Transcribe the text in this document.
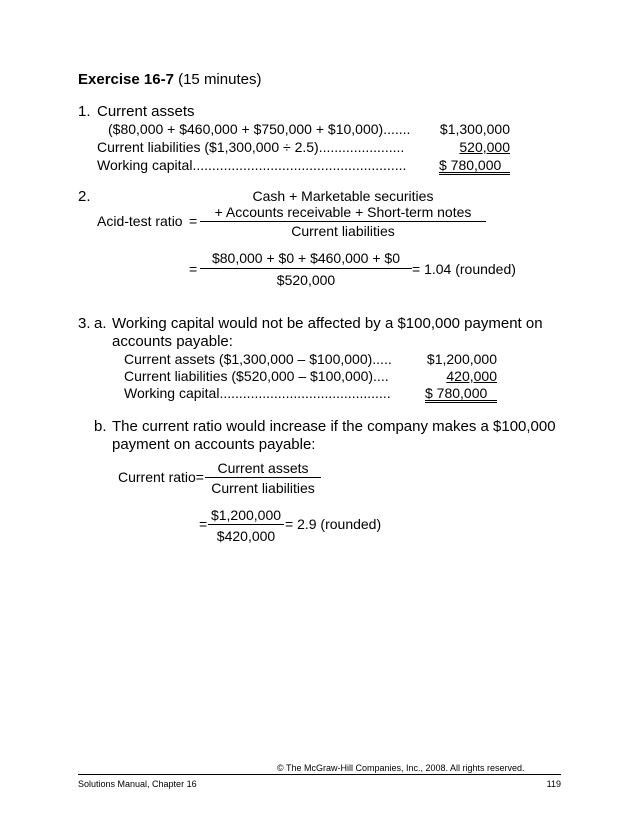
Exercise 16-7 (15 minutes)
1. Current assets
($80,000 + $460,000 + $750,000 + $10,000).......	$1,300,000
Current liabilities ($1,300,000 ÷ 2.5)......................	520,000
Working capital....................................................... $ 780,000
2.	Cash + Marketable securities
Acid-test ratio =
+ Accounts receivable + Short-term notes
Current liabilities
=
$80,000 + $0 + $460,000 + $0
$520,000
= 1.04 (rounded)
3. a. Working capital would not be affected by a $100,000 payment on
accounts payable:
Current assets ($1,300,000 – $100,000).....	$1,200,000
Current liabilities ($520,000 – $100,000)....	420,000
Working capital............................................ $ 780,000
b. The current ratio would increase if the company makes a $100,000
payment on accounts payable:
Current ratio=
Current assets
Current liabilities
=
$1,200,000
$420,000
= 2.9 (rounded)
© The McGraw-Hill Companies, Inc., 2008. All rights reserved.
Solutions Manual, Chapter 16	119
